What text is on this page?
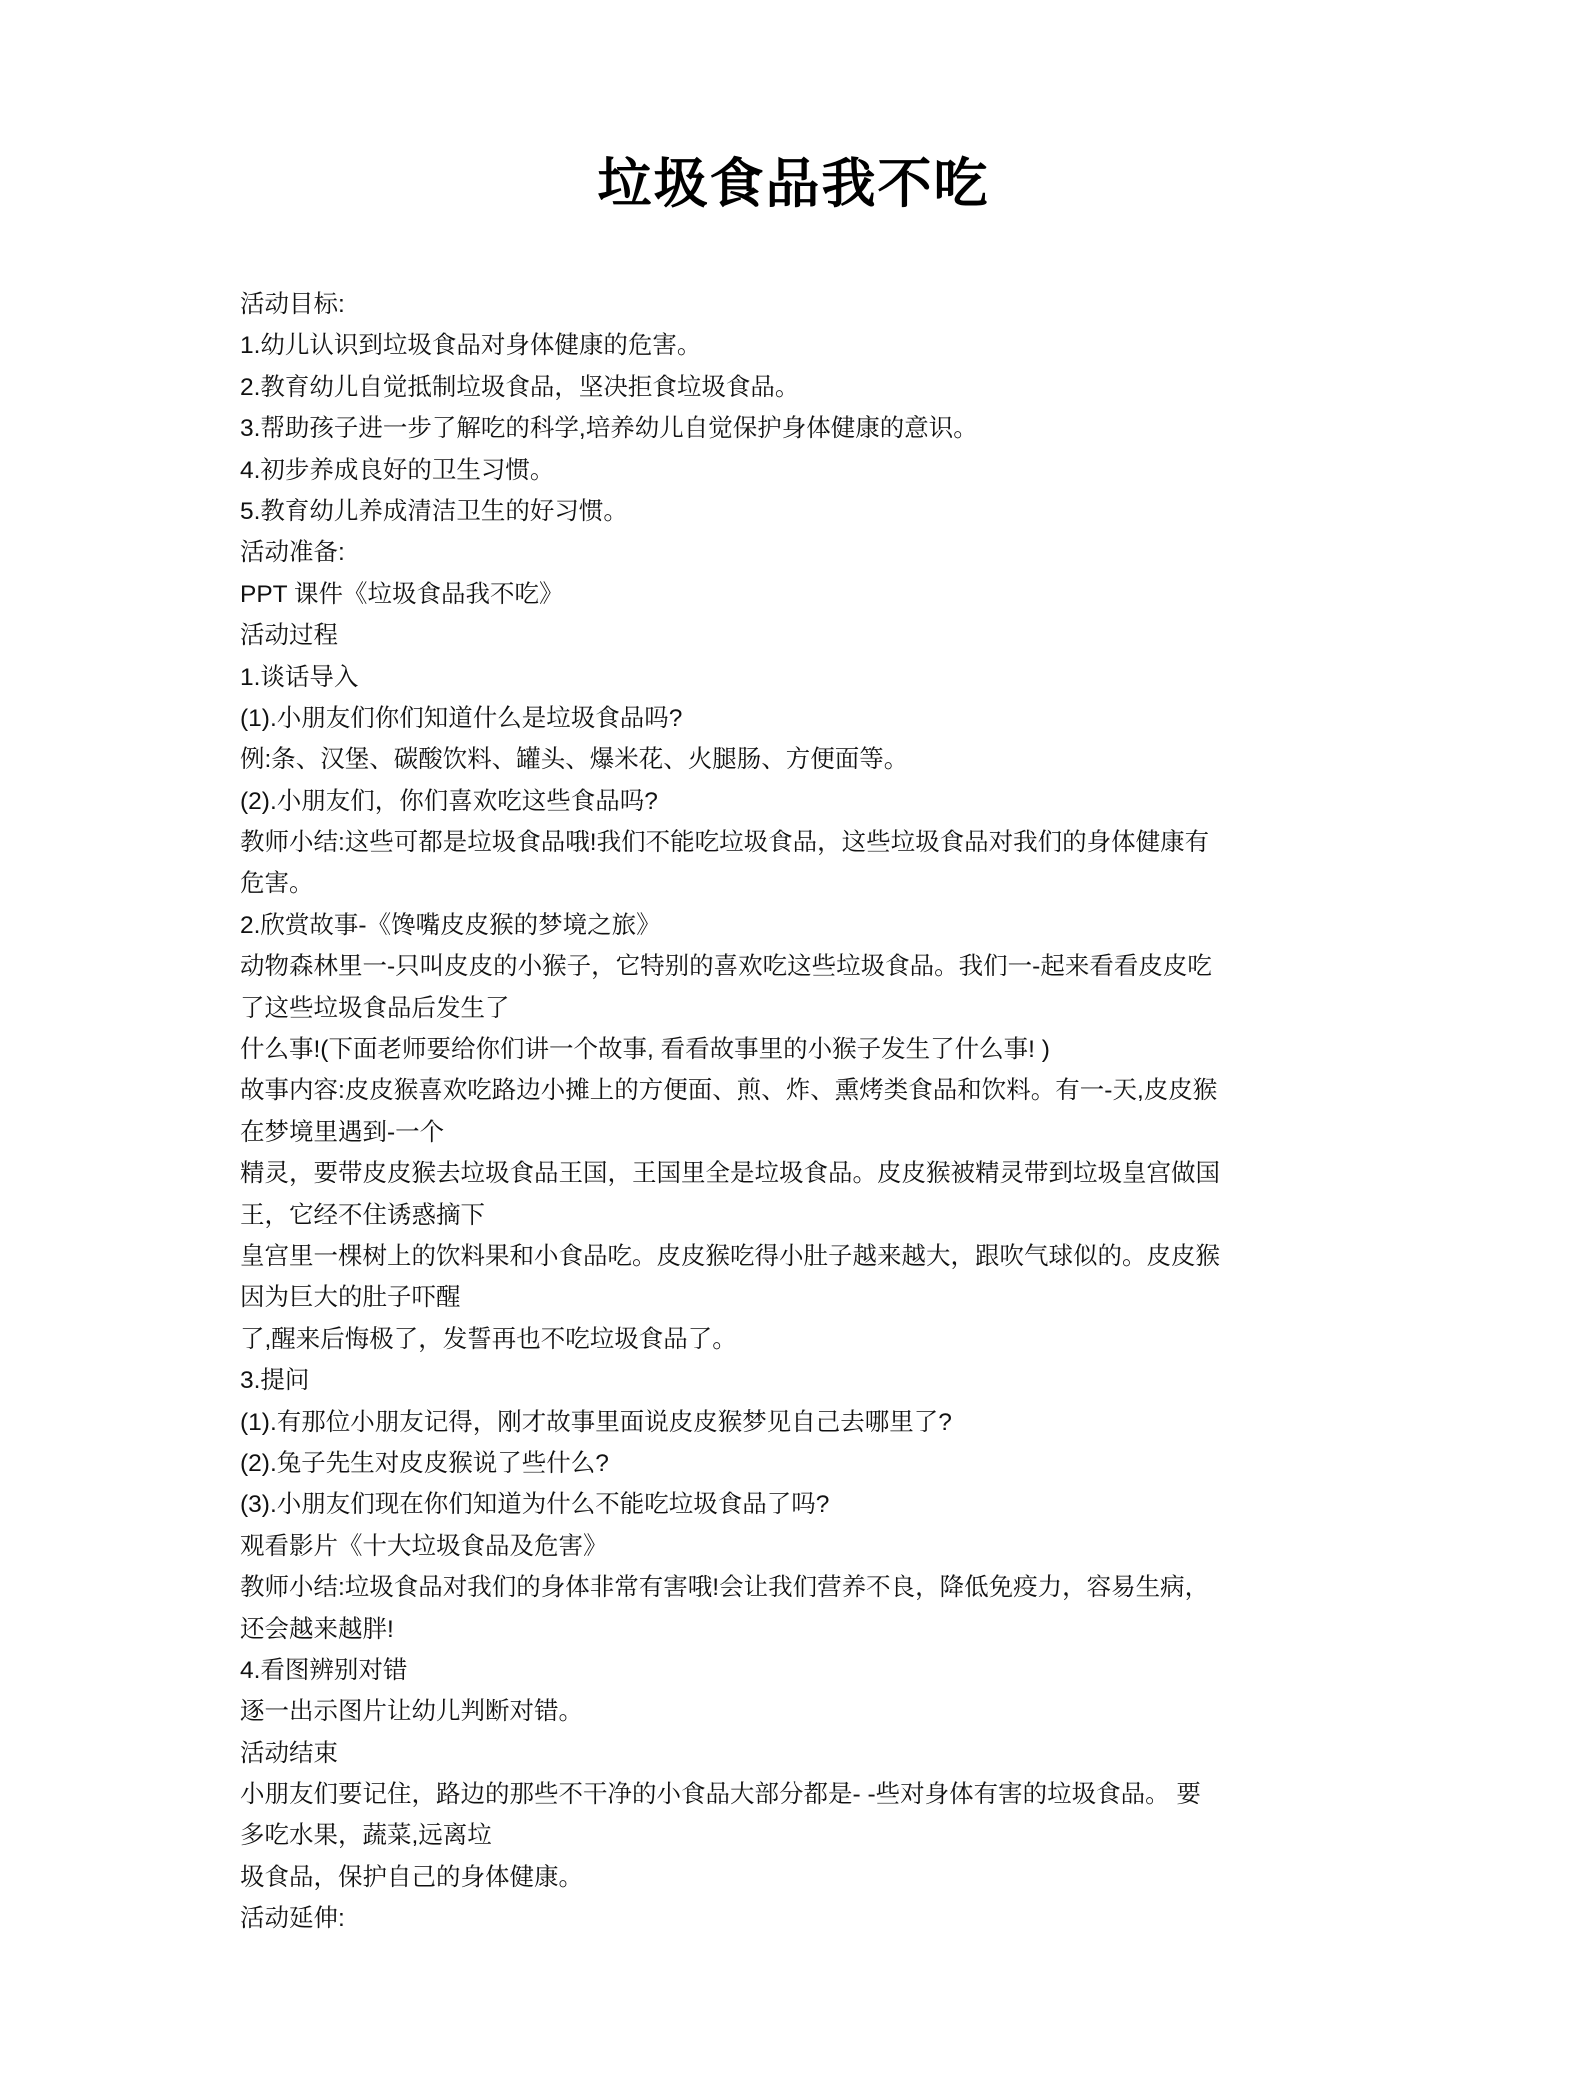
垃圾食品我不吃
活动目标:
1.幼儿认识到垃圾食品对身体健康的危害。
2.教育幼儿自觉抵制垃圾食品，坚决拒食垃圾食品。
3.帮助孩子进一步了解吃的科学,培养幼儿自觉保护身体健康的意识。
4.初步养成良好的卫生习惯。
5.教育幼儿养成清洁卫生的好习惯。
活动准备:
PPT 课件《垃圾食品我不吃》
活动过程
1.谈话导入
(1).小朋友们你们知道什么是垃圾食品吗?
例:条、汉堡、碳酸饮料、罐头、爆米花、火腿肠、方便面等。
(2).小朋友们，你们喜欢吃这些食品吗?
教师小结:这些可都是垃圾食品哦!我们不能吃垃圾食品，这些垃圾食品对我们的身体健康有
危害。
2.欣赏故事-《馋嘴皮皮猴的梦境之旅》
动物森林里一-只叫皮皮的小猴子，它特别的喜欢吃这些垃圾食品。我们一-起来看看皮皮吃
了这些垃圾食品后发生了
什么事!(下面老师要给你们讲一个故事, 看看故事里的小猴子发生了什么事! )
故事内容:皮皮猴喜欢吃路边小摊上的方便面、煎、炸、熏烤类食品和饮料。有一-天,皮皮猴
在梦境里遇到-一个
精灵，要带皮皮猴去垃圾食品王国，王国里全是垃圾食品。皮皮猴被精灵带到垃圾皇宫做国
王，它经不住诱惑摘下
皇宫里一棵树上的饮料果和小食品吃。皮皮猴吃得小肚子越来越大，跟吹气球似的。皮皮猴
因为巨大的肚子吓醒
了,醒来后悔极了，发誓再也不吃垃圾食品了。
3.提问
(1).有那位小朋友记得，刚才故事里面说皮皮猴梦见自己去哪里了?
(2).兔子先生对皮皮猴说了些什么?
(3).小朋友们现在你们知道为什么不能吃垃圾食品了吗?
观看影片《十大垃圾食品及危害》
教师小结:垃圾食品对我们的身体非常有害哦!会让我们营养不良，降低免疫力，容易生病，
还会越来越胖!
4.看图辨别对错
逐一出示图片让幼儿判断对错。
活动结束
小朋友们要记住，路边的那些不干净的小食品大部分都是- -些对身体有害的垃圾食品。 要
多吃水果，蔬菜,远离垃
圾食品，保护自己的身体健康。
活动延伸:
